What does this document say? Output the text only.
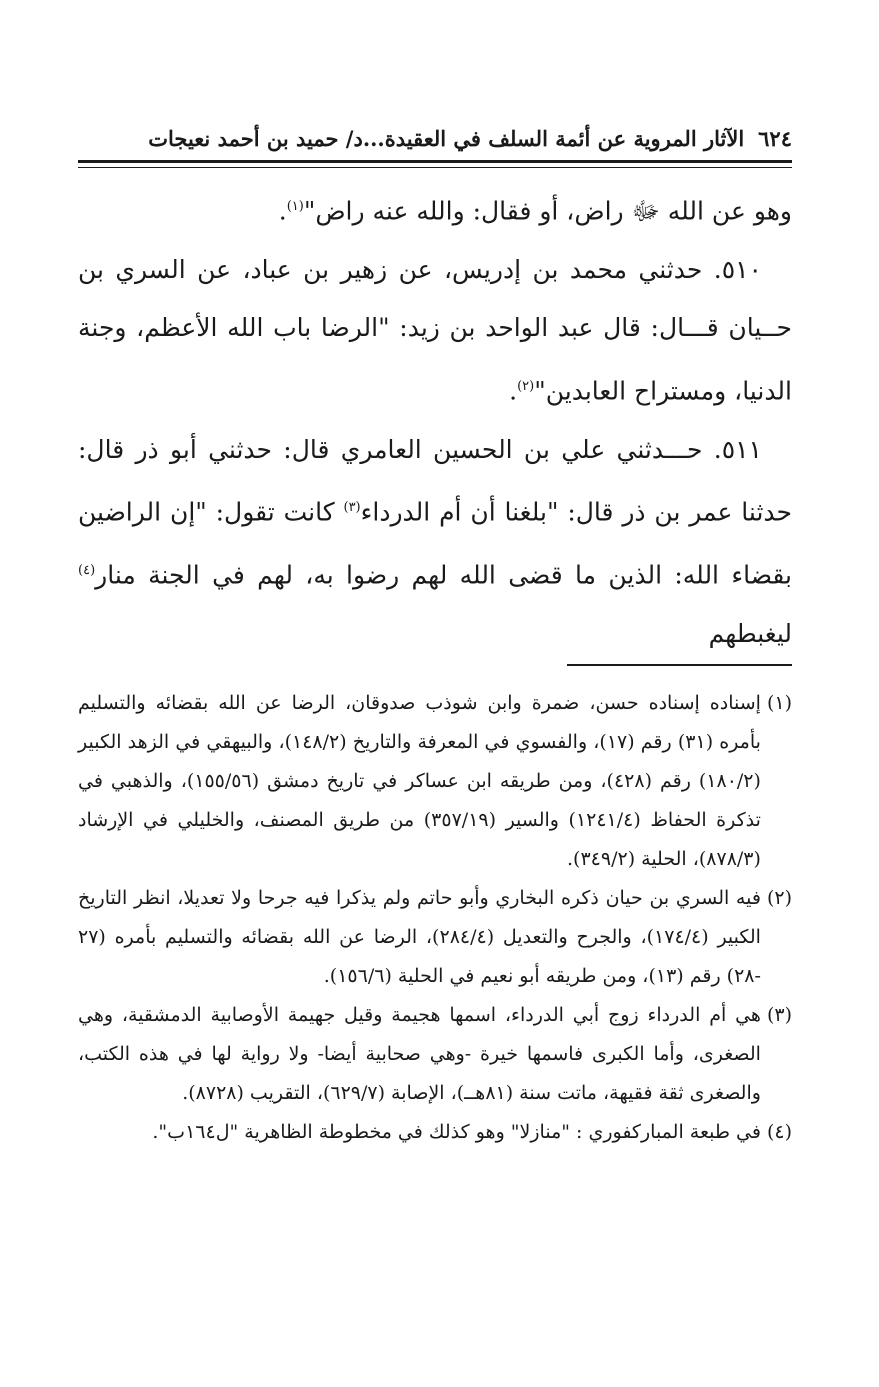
٦٢٤
الآثار المروية عن أئمة السلف في العقيدة...د/ حميد بن أحمد نعيجات

وهو عن الله ﷻ راض، أو فقال: والله عنه راض"$^{(١)}$.

٥١٠. حدثني محمد بن إدريس، عن زهير بن عباد، عن السري بن حــيان قـــال: قال عبد الواحد بن زيد: "الرضا باب الله الأعظم، وجنة الدنيا، ومستراح العابدين"$^{(٢)}$.

٥١١. حـــدثني علي بن الحسين العامري قال: حدثني أبو ذر قال: حدثنا عمر بن ذر قال: "بلغنا أن أم الدرداء$^{(٣)}$ كانت تقول: "إن الراضين بقضاء الله: الذين ما قضى الله لهم رضوا به، لهم في الجنة منار$^{(٤)}$ ليغبطهم

(١)
إسناده إسناده حسن، ضمرة وابن شوذب صدوقان، الرضا عن الله بقضائه والتسليم بأمره (٣١) رقم (١٧)، والفسوي في المعرفة والتاريخ (١٤٨/٢)، والبيهقي في الزهد الكبير (١٨٠/٢) رقم (٤٢٨)، ومن طريقه ابن عساكر في تاريخ دمشق (١٥٥/٥٦)، والذهبي في تذكرة الحفاظ (١٢٤١/٤) والسير (٣٥٧/١٩) من طريق المصنف، والخليلي في الإرشاد (٨٧٨/٣)، الحلية (٣٤٩/٢).
(٢)
فيه السري بن حيان ذكره البخاري وأبو حاتم ولم يذكرا فيه جرحا ولا تعديلا، انظر التاريخ الكبير (١٧٤/٤)، والجرح والتعديل (٢٨٤/٤)، الرضا عن الله بقضائه والتسليم بأمره (٢٧ -٢٨) رقم (١٣)، ومن طريقه أبو نعيم في الحلية (١٥٦/٦).
(٣)
هي أم الدرداء زوج أبي الدرداء، اسمها هجيمة وقيل جهيمة الأوصابية الدمشقية، وهي الصغرى، وأما الكبرى فاسمها خيرة -وهي صحابية أيضا- ولا رواية لها في هذه الكتب، والصغرى ثقة فقيهة، ماتت سنة (٨١هــ)، الإصابة (٦٢٩/٧)، التقريب (٨٧٢٨).
(٤)
في طبعة المباركفوري : "منازلا" وهو كذلك في مخطوطة الظاهرية "ل١٦٤ب".
